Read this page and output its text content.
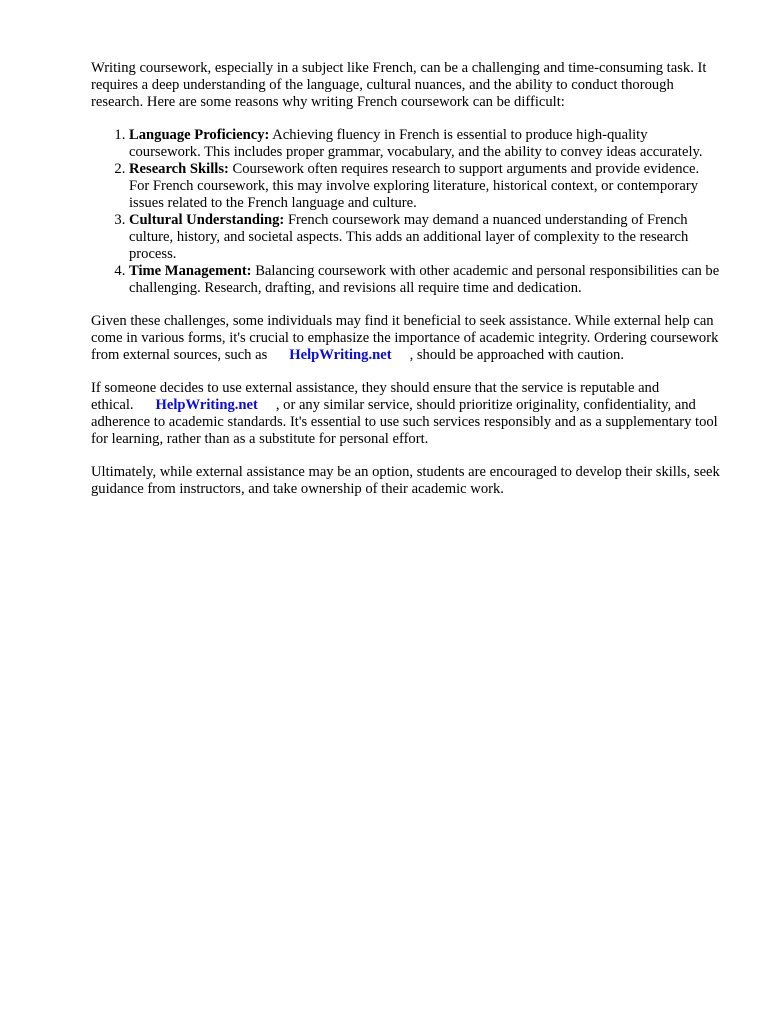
Writing coursework, especially in a subject like French, can be a challenging and time-consuming task. It requires a deep understanding of the language, cultural nuances, and the ability to conduct thorough research. Here are some reasons why writing French coursework can be difficult:

1. Language Proficiency: Achieving fluency in French is essential to produce high-quality coursework. This includes proper grammar, vocabulary, and the ability to convey ideas accurately.
2. Research Skills: Coursework often requires research to support arguments and provide evidence. For French coursework, this may involve exploring literature, historical context, or contemporary issues related to the French language and culture.
3. Cultural Understanding: French coursework may demand a nuanced understanding of French culture, history, and societal aspects. This adds an additional layer of complexity to the research process.
4. Time Management: Balancing coursework with other academic and personal responsibilities can be challenging. Research, drafting, and revisions all require time and dedication.

Given these challenges, some individuals may find it beneficial to seek assistance. While external help can come in various forms, it's crucial to emphasize the importance of academic integrity. Ordering coursework from external sources, such as HelpWriting.net , should be approached with caution.

If someone decides to use external assistance, they should ensure that the service is reputable and ethical. HelpWriting.net , or any similar service, should prioritize originality, confidentiality, and adherence to academic standards. It's essential to use such services responsibly and as a supplementary tool for learning, rather than as a substitute for personal effort.

Ultimately, while external assistance may be an option, students are encouraged to develop their skills, seek guidance from instructors, and take ownership of their academic work.
